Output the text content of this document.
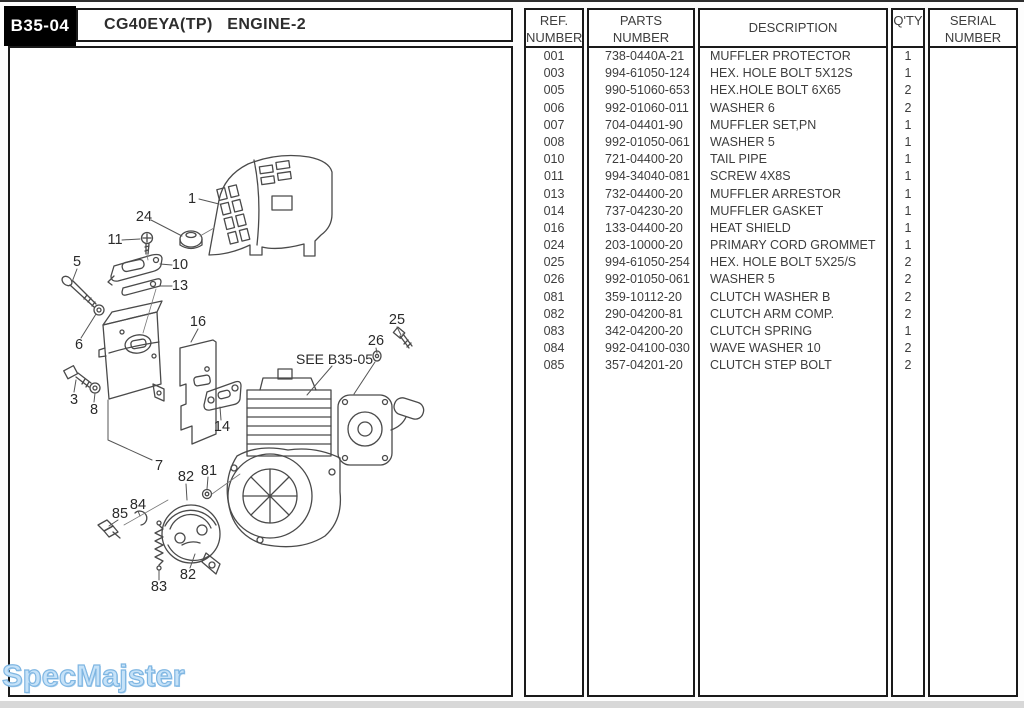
B35-04	CG40EYA(TP)   ENGINE-2
1
24
11
10
5
13
6
16
3
8
14
7
25
26
82 81
85
84
83
82
SEE B35-05
REF.
NUMBER
001
003
005
006
007
008
010
011
013
014
016
024
025
026
081
082
083
084
085
PARTS
NUMBER
738-0440A-21
994-61050-124
990-51060-653
992-01060-011
704-04401-90
992-01050-061
721-04400-20
994-34040-081
732-04400-20
737-04230-20
133-04400-20
203-10000-20
994-61050-254
992-01050-061
359-10112-20
290-04200-81
342-04200-20
992-04100-030
357-04201-20
DESCRIPTION
MUFFLER PROTECTOR
HEX. HOLE BOLT 5X12S
HEX.HOLE BOLT 6X65
WASHER 6
MUFFLER SET,PN
WASHER 5
TAIL PIPE
SCREW 4X8S
MUFFLER ARRESTOR
MUFFLER GASKET
HEAT SHIELD
PRIMARY CORD GROMMET
HEX. HOLE BOLT 5X25/S
WASHER 5
CLUTCH WASHER B
CLUTCH ARM COMP.
CLUTCH SPRING
WAVE WASHER 10
CLUTCH STEP BOLT
Q'TY
1
1
2
2
1
1
1
1
1
1
1
1
2
2
2
2
1
2
2
SERIAL
NUMBER
SpecMajster
